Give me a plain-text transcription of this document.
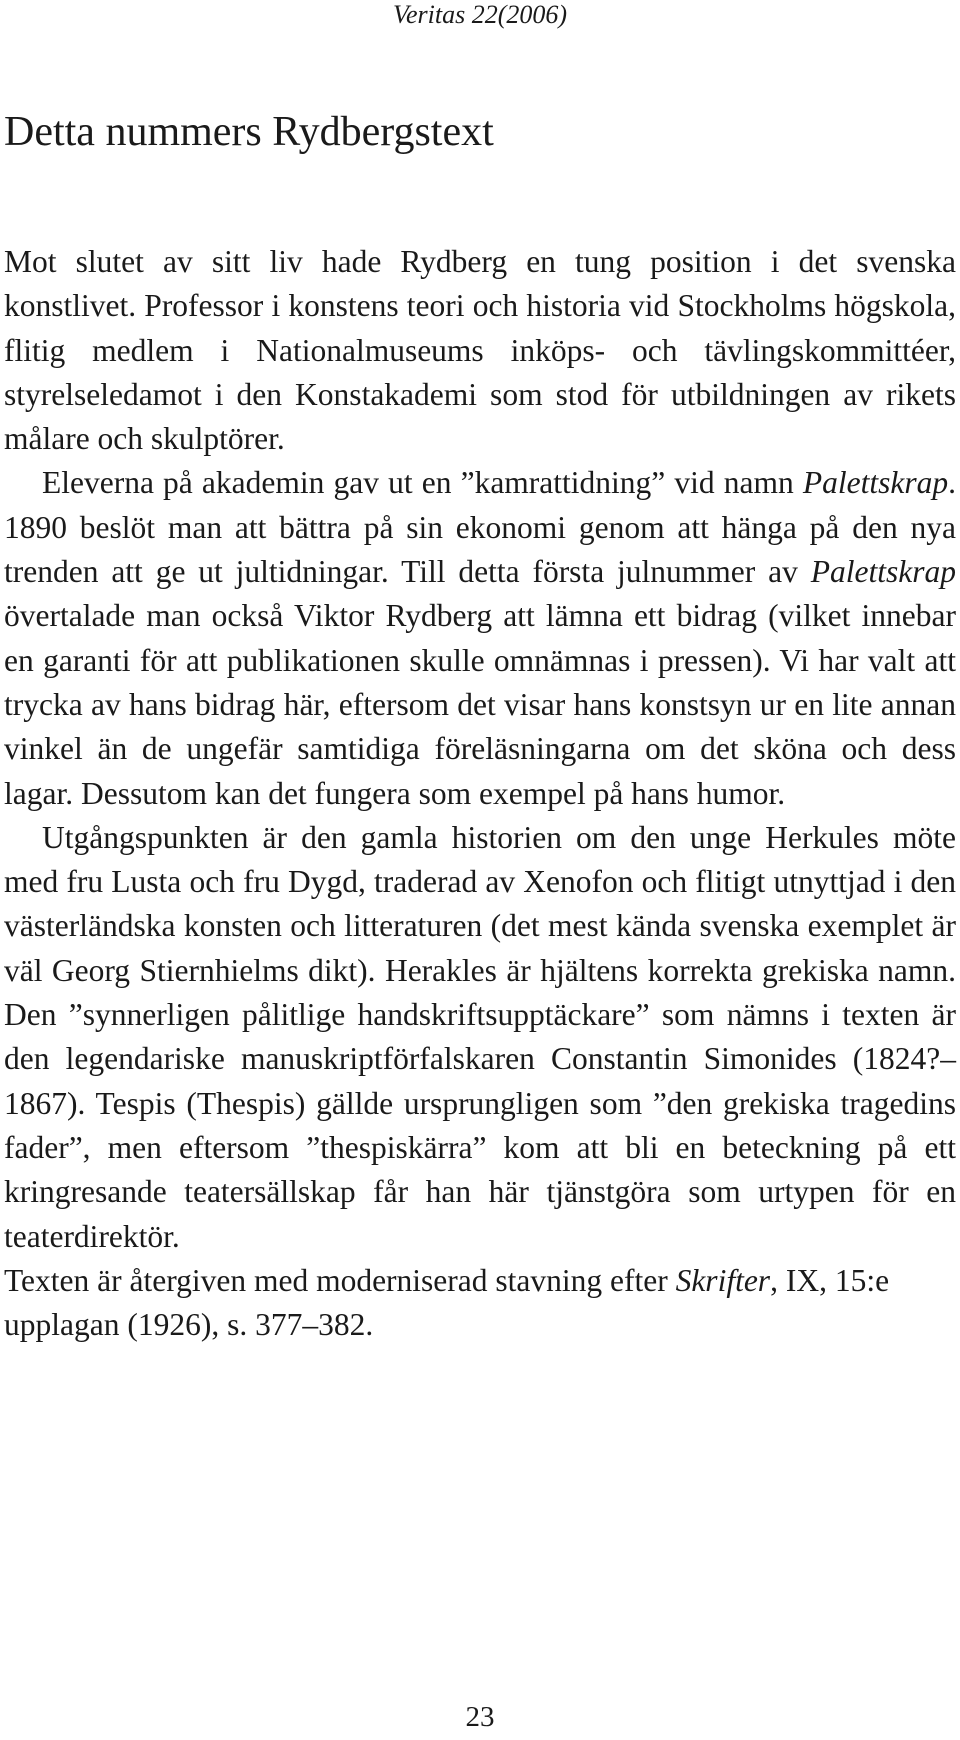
Veritas 22(2006)
Detta nummers Rydbergstext

Mot slutet av sitt liv hade Rydberg en tung position i det svenska konstlivet. Professor i konstens teori och historia vid Stockholms högskola, flitig medlem i Nationalmuseums inköps- och tävlingskommittéer, styrelseledamot i den Konstakademi som stod för utbildningen av rikets målare och skulptörer.

Eleverna på akademin gav ut en ”kamrattidning” vid namn Palettskrap. 1890 beslöt man att bättra på sin ekonomi genom att hänga på den nya trenden att ge ut jultidningar. Till detta första julnummer av Palettskrap övertalade man också Viktor Rydberg att lämna ett bidrag (vilket innebar en garanti för att publikationen skulle omnämnas i pressen). Vi har valt att trycka av hans bidrag här, eftersom det visar hans konstsyn ur en lite annan vinkel än de ungefär samtidiga föreläsningarna om det sköna och dess lagar. Dessutom kan det fungera som exempel på hans humor.

Utgångspunkten är den gamla historien om den unge Herkules möte med fru Lusta och fru Dygd, traderad av Xenofon och flitigt utnyttjad i den västerländska konsten och litteraturen (det mest kända svenska exemplet är väl Georg Stiernhielms dikt). Herakles är hjältens korrekta grekiska namn. Den ”synnerligen pålitlige handskriftsupptäckare” som nämns i texten är den legendariske manuskriptförfalskaren Constantin Simonides (1824?–1867). Tespis (Thespis) gällde ursprungligen som ”den grekiska tragedins fader”, men eftersom ”thespiskärra” kom att bli en beteckning på ett kringresande teatersällskap får han här tjänstgöra som urtypen för en teaterdirektör.

Texten är återgiven med moderniserad stavning efter Skrifter, IX, 15:e upplagan (1926), s. 377–382.

23
